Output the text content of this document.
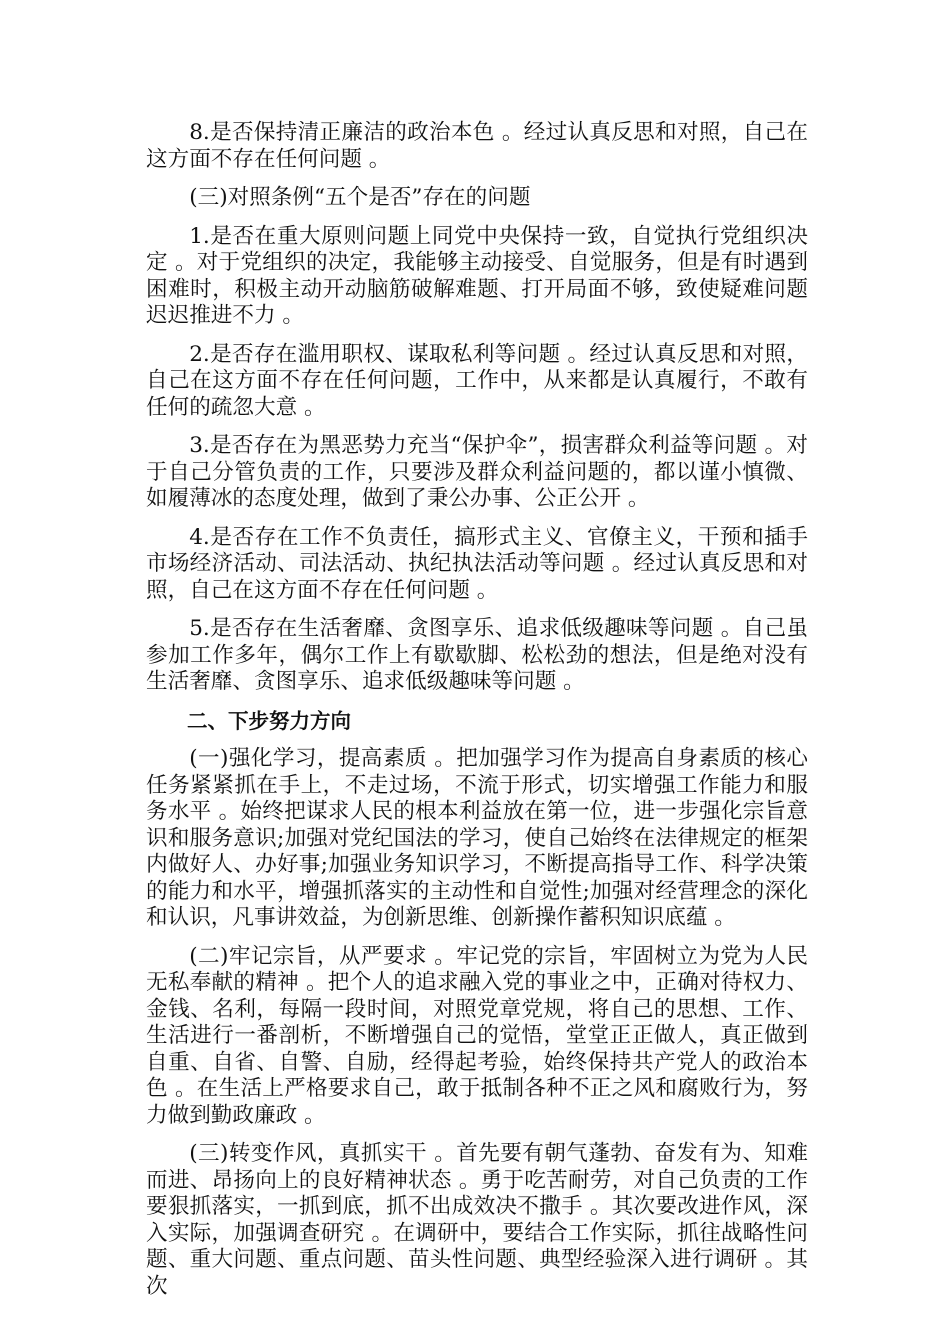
8.是否保持清正廉洁的政治本色 。经过认真反思和对照，自己在这方面不存在任何问题 。

(三)对照条例“五个是否”存在的问题

1.是否在重大原则问题上同党中央保持一致，自觉执行党组织决定 。对于党组织的决定，我能够主动接受、自觉服务，但是有时遇到困难时，积极主动开动脑筋破解难题、打开局面不够，致使疑难问题迟迟推进不力 。

2.是否存在滥用职权、谋取私利等问题 。经过认真反思和对照，自己在这方面不存在任何问题，工作中，从来都是认真履行，不敢有任何的疏忽大意 。

3.是否存在为黑恶势力充当“保护伞”，损害群众利益等问题 。对于自己分管负责的工作，只要涉及群众利益问题的，都以谨小慎微、如履薄冰的态度处理，做到了秉公办事、公正公开 。

4.是否存在工作不负责任，搞形式主义、官僚主义，干预和插手市场经济活动、司法活动、执纪执法活动等问题 。经过认真反思和对照，自己在这方面不存在任何问题 。

5.是否存在生活奢靡、贪图享乐、追求低级趣味等问题 。自己虽参加工作多年，偶尔工作上有歇歇脚、松松劲的想法，但是绝对没有生活奢靡、贪图享乐、追求低级趣味等问题 。

二、下步努力方向

(一)强化学习，提高素质 。把加强学习作为提高自身素质的核心任务紧紧抓在手上，不走过场，不流于形式，切实增强工作能力和服务水平 。始终把谋求人民的根本利益放在第一位，进一步强化宗旨意识和服务意识;加强对党纪国法的学习，使自己始终在法律规定的框架内做好人、办好事;加强业务知识学习，不断提高指导工作、科学决策的能力和水平，增强抓落实的主动性和自觉性;加强对经营理念的深化和认识，凡事讲效益，为创新思维、创新操作蓄积知识底蕴 。

(二)牢记宗旨，从严要求 。牢记党的宗旨，牢固树立为党为人民无私奉献的精神 。把个人的追求融入党的事业之中，正确对待权力、金钱、名利，每隔一段时间，对照党章党规，将自己的思想、工作、生活进行一番剖析，不断增强自己的觉悟，堂堂正正做人，真正做到自重、自省、自警、自励，经得起考验，始终保持共产党人的政治本色 。在生活上严格要求自己，敢于抵制各种不正之风和腐败行为，努力做到勤政廉政 。

(三)转变作风，真抓实干 。首先要有朝气蓬勃、奋发有为、知难而进、昂扬向上的良好精神状态 。勇于吃苦耐劳，对自己负责的工作要狠抓落实，一抓到底，抓不出成效决不撒手 。其次要改进作风，深入实际，加强调查研究 。在调研中，要结合工作实际，抓往战略性问题、重大问题、重点问题、苗头性问题、典型经验深入进行调研 。其次
